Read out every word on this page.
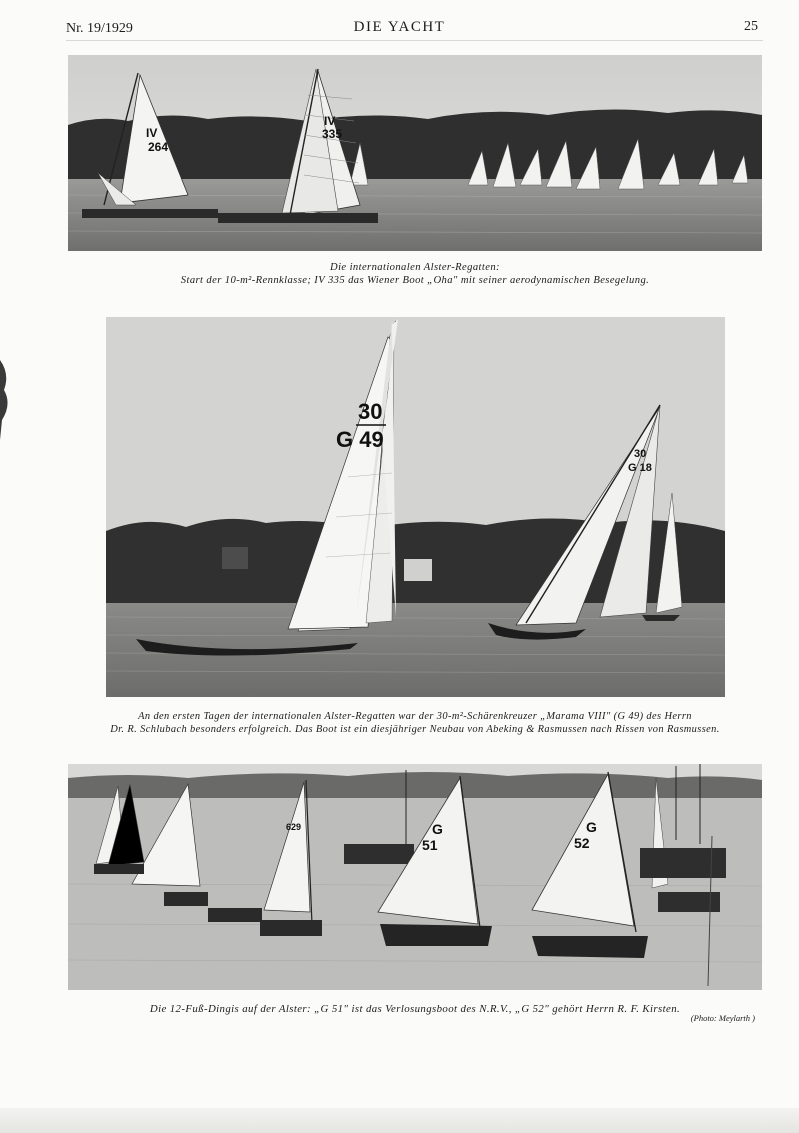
Nr. 19/1929	DIE YACHT	25
IV
264
IV
335
Die internationalen Alster-Regatten:
Start der 10-m²-Rennklasse; IV 335 das Wiener Boot „Oha" mit seiner aerodynamischen Besegelung.
30
G 49
30
G 18
An den ersten Tagen der internationalen Alster-Regatten war der 30-m²-Schärenkreuzer „Marama VIII" (G 49) des Herrn
Dr. R. Schlubach besonders erfolgreich. Das Boot ist ein diesjähriger Neubau von Abeking & Rasmussen nach Rissen von Rasmussen.
629	G
51
G
52
Die 12-Fuß-Dingis auf der Alster: „G 51" ist das Verlosungsboot des N.R.V., „G 52" gehört Herrn R. F. Kirsten.
(Photo: Meylarth )
